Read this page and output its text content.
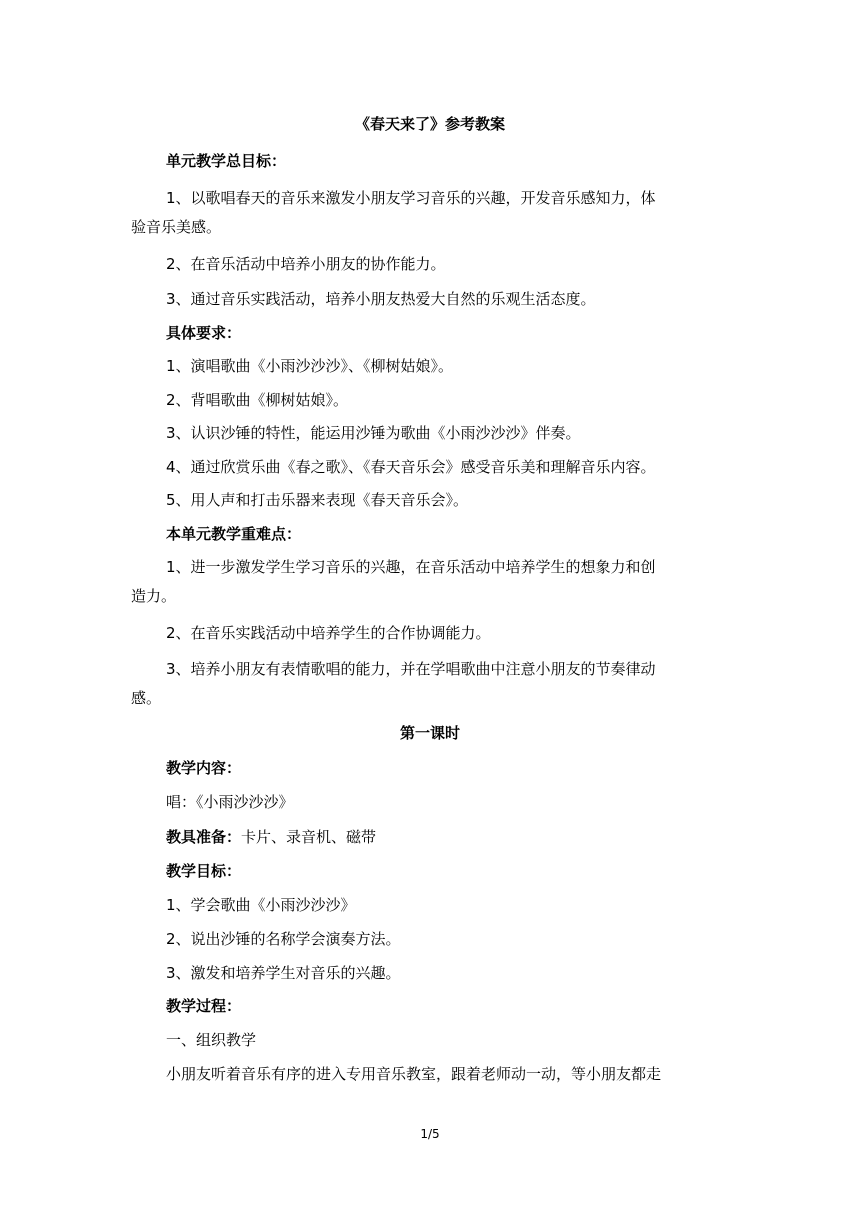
《春天来了》参考教案
单元教学总目标：
1、以歌唱春天的音乐来激发小朋友学习音乐的兴趣，开发音乐感知力，体
验音乐美感。
2、在音乐活动中培养小朋友的协作能力。
3、通过音乐实践活动，培养小朋友热爱大自然的乐观生活态度。
具体要求：
1、演唱歌曲《小雨沙沙沙》、《柳树姑娘》。
2、背唱歌曲《柳树姑娘》。
3、认识沙锤的特性，能运用沙锤为歌曲《小雨沙沙沙》伴奏。
4、通过欣赏乐曲《春之歌》、《春天音乐会》感受音乐美和理解音乐内容。
5、用人声和打击乐器来表现《春天音乐会》。
本单元教学重难点：
1、进一步激发学生学习音乐的兴趣，在音乐活动中培养学生的想象力和创
造力。
2、在音乐实践活动中培养学生的合作协调能力。
3、培养小朋友有表情歌唱的能力，并在学唱歌曲中注意小朋友的节奏律动
感。
第一课时
教学内容：
唱：《小雨沙沙沙》
教具准备：卡片、录音机、磁带
教学目标：
1、学会歌曲《小雨沙沙沙》
2、说出沙锤的名称学会演奏方法。
3、激发和培养学生对音乐的兴趣。
教学过程：
一、组织教学
小朋友听着音乐有序的进入专用音乐教室，跟着老师动一动，等小朋友都走
1/5
